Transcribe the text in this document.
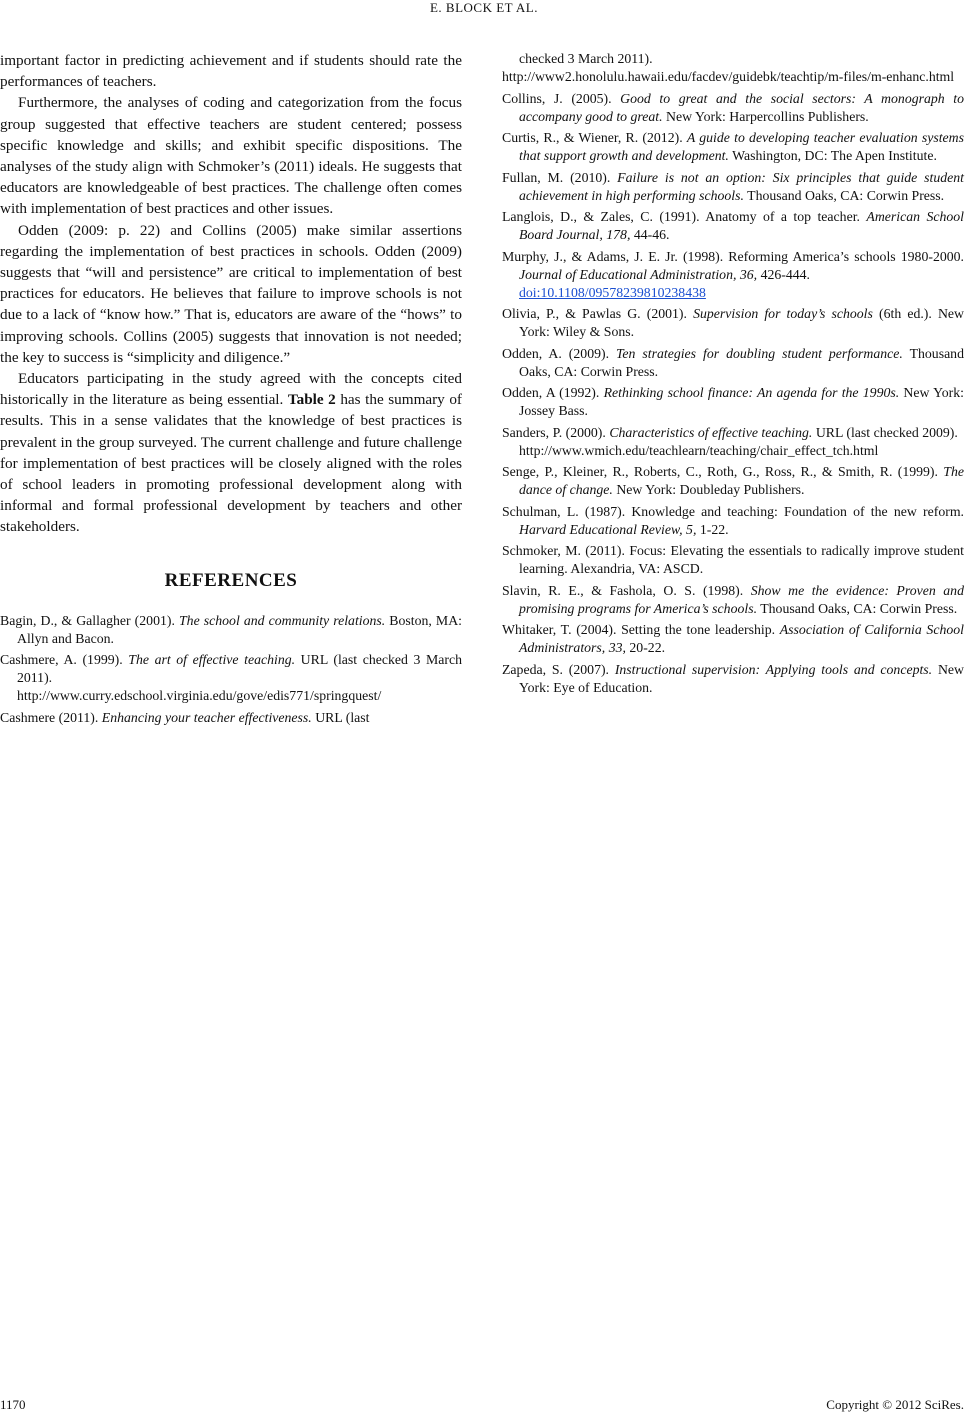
E. BLOCK ET AL.

important factor in predicting achievement and if students should rate the performances of teachers.

Furthermore, the analyses of coding and categorization from the focus group suggested that effective teachers are student centered; possess specific knowledge and skills; and exhibit specific dispositions. The analyses of the study align with Schmoker’s (2011) ideals. He suggests that educators are knowledgeable of best practices. The challenge often comes with implementation of best practices and other issues.

Odden (2009: p. 22) and Collins (2005) make similar assertions regarding the implementation of best practices in schools. Odden (2009) suggests that “will and persistence” are critical to implementation of best practices for educators. He believes that failure to improve schools is not due to a lack of “know how.” That is, educators are aware of the “hows” to improving schools. Collins (2005) suggests that innovation is not needed; the key to success is “simplicity and diligence.”

Educators participating in the study agreed with the concepts cited historically in the literature as being essential. Table 2 has the summary of results. This in a sense validates that the knowledge of best practices is prevalent in the group surveyed. The current challenge and future challenge for implementation of best practices will be closely aligned with the roles of school leaders in promoting professional development along with informal and formal professional development by teachers and other stakeholders.

REFERENCES

Bagin, D., & Gallagher (2001). The school and community relations. Boston, MA: Allyn and Bacon.

Cashmere, A. (1999). The art of effective teaching. URL (last checked 3 March 2011).
http://www.curry.edschool.virginia.edu/gove/edis771/springquest/

Cashmere (2011). Enhancing your teacher effectiveness. URL (last

checked 3 March 2011).
http://www2.honolulu.hawaii.edu/facdev/guidebk/teachtip/m-files/m-enhanc.html

Collins, J. (2005). Good to great and the social sectors: A monograph to accompany good to great. New York: Harpercollins Publishers.

Curtis, R., & Wiener, R. (2012). A guide to developing teacher evaluation systems that support growth and development. Washington, DC: The Apen Institute.

Fullan, M. (2010). Failure is not an option: Six principles that guide student achievement in high performing schools. Thousand Oaks, CA: Corwin Press.

Langlois, D., & Zales, C. (1991). Anatomy of a top teacher. American School Board Journal, 178, 44-46.

Murphy, J., & Adams, J. E. Jr. (1998). Reforming America’s schools 1980-2000. Journal of Educational Administration, 36, 426-444.
doi:10.1108/09578239810238438

Olivia, P., & Pawlas G. (2001). Supervision for today’s schools (6th ed.). New York: Wiley & Sons.

Odden, A. (2009). Ten strategies for doubling student performance. Thousand Oaks, CA: Corwin Press.

Odden, A (1992). Rethinking school finance: An agenda for the 1990s. New York: Jossey Bass.

Sanders, P. (2000). Characteristics of effective teaching. URL (last checked 2009).
http://www.wmich.edu/teachlearn/teaching/chair_effect_tch.html

Senge, P., Kleiner, R., Roberts, C., Roth, G., Ross, R., & Smith, R. (1999). The dance of change. New York: Doubleday Publishers.

Schulman, L. (1987). Knowledge and teaching: Foundation of the new reform. Harvard Educational Review, 5, 1-22.

Schmoker, M. (2011). Focus: Elevating the essentials to radically improve student learning. Alexandria, VA: ASCD.

Slavin, R. E., & Fashola, O. S. (1998). Show me the evidence: Proven and promising programs for America’s schools. Thousand Oaks, CA: Corwin Press.

Whitaker, T. (2004). Setting the tone leadership. Association of California School Administrators, 33, 20-22.

Zapeda, S. (2007). Instructional supervision: Applying tools and concepts. New York: Eye of Education.

1170	Copyright © 2012 SciRes.
